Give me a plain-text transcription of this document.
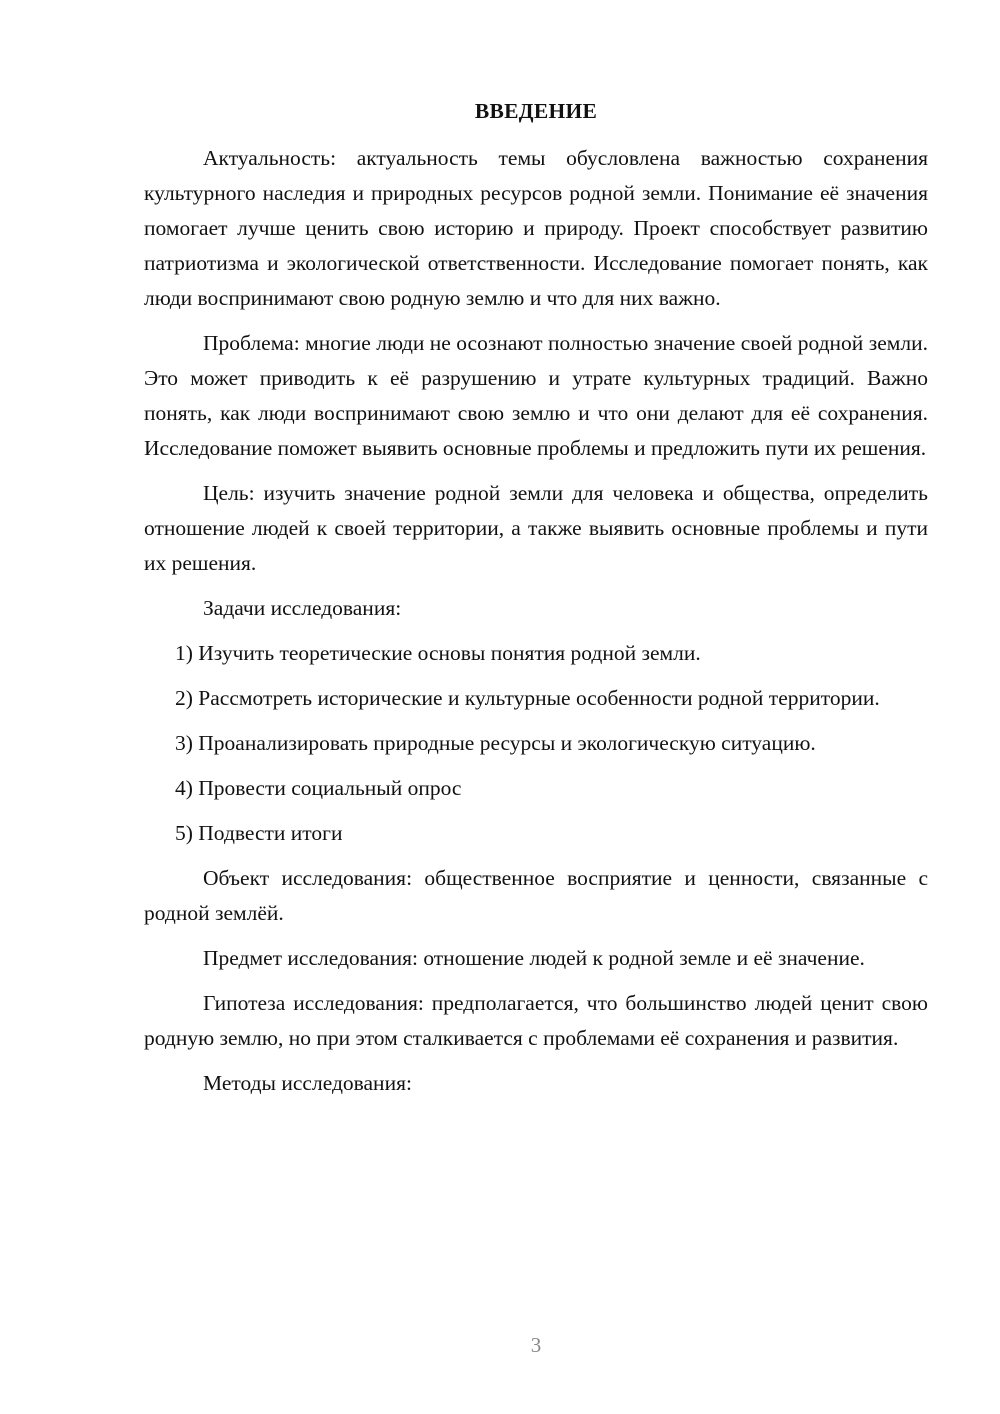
ВВЕДЕНИЕ

Актуальность: актуальность темы обусловлена важностью сохранения культурного наследия и природных ресурсов родной земли. Понимание её значения помогает лучше ценить свою историю и природу. Проект способствует развитию патриотизма и экологической ответственности. Исследование помогает понять, как люди воспринимают свою родную землю и что для них важно.

Проблема: многие люди не осознают полностью значение своей родной земли. Это может приводить к её разрушению и утрате культурных традиций. Важно понять, как люди воспринимают свою землю и что они делают для её сохранения. Исследование поможет выявить основные проблемы и предложить пути их решения.

Цель: изучить значение родной земли для человека и общества, определить отношение людей к своей территории, а также выявить основные проблемы и пути их решения.

Задачи исследования:

1) Изучить теоретические основы понятия родной земли.

2) Рассмотреть исторические и культурные особенности родной территории.

3) Проанализировать природные ресурсы и экологическую ситуацию.

4) Провести социальный опрос

5) Подвести итоги

Объект исследования: общественное восприятие и ценности, связанные с родной землёй.

Предмет исследования: отношение людей к родной земле и её значение.

Гипотеза исследования: предполагается, что большинство людей ценит свою родную землю, но при этом сталкивается с проблемами её сохранения и развития.

Методы исследования:

3
